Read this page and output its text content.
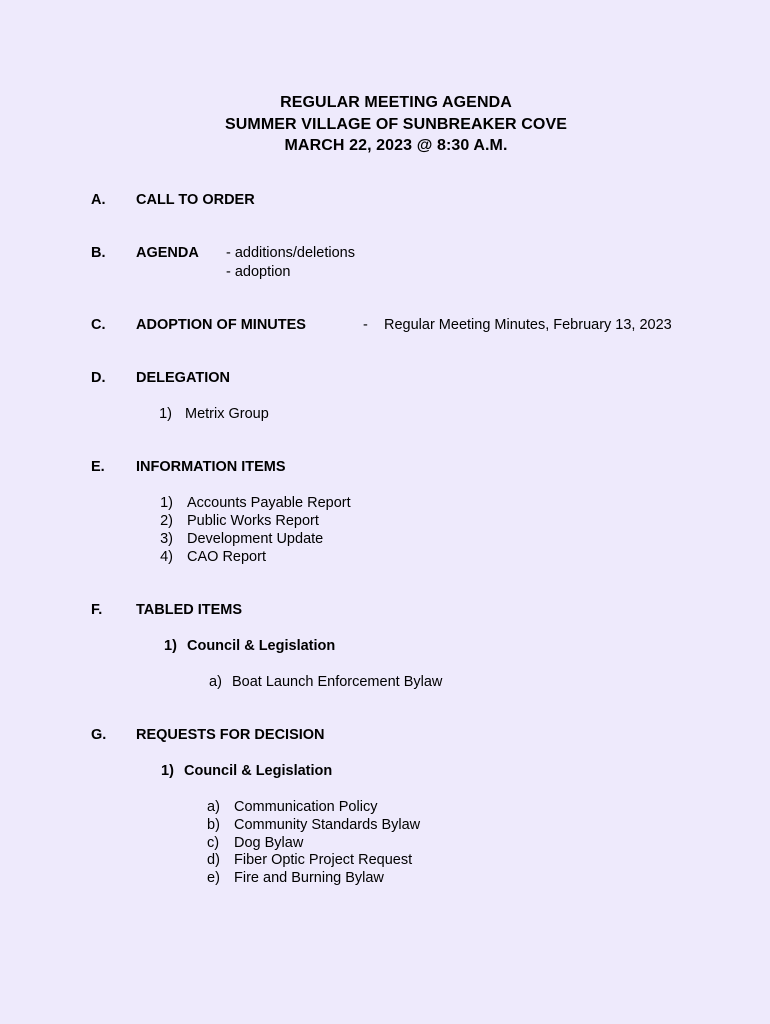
REGULAR MEETING AGENDA
SUMMER VILLAGE OF SUNBREAKER COVE
MARCH 22, 2023 @ 8:30 A.M.
A. CALL TO ORDER
B. AGENDA - additions/deletions
- adoption
C. ADOPTION OF MINUTES	- Regular Meeting Minutes, February 13, 2023
D. DELEGATION
1) Metrix Group
E. INFORMATION ITEMS
1) Accounts Payable Report
2) Public Works Report
3) Development Update
4) CAO Report
F. TABLED ITEMS
1) Council & Legislation
a) Boat Launch Enforcement Bylaw
G. REQUESTS FOR DECISION
1) Council & Legislation
a) Communication Policy
b) Community Standards Bylaw
c) Dog Bylaw
d) Fiber Optic Project Request
e) Fire and Burning Bylaw
